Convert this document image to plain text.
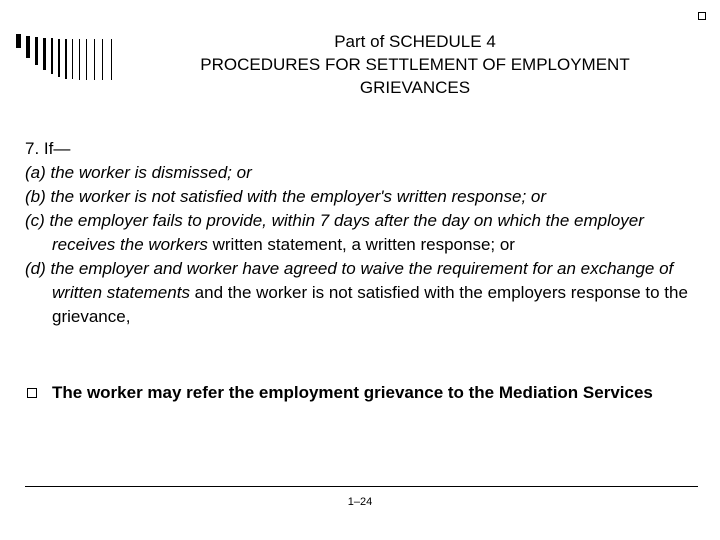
Part of SCHEDULE 4
PROCEDURES FOR SETTLEMENT OF EMPLOYMENT
GRIEVANCES
7. If—
(a) the worker is dismissed; or
(b) the worker is not satisfied with the employer's written response; or
(c) the employer fails to provide, within 7 days after the day on which the employer receives the workers written statement, a written response; or
(d) the employer and worker have agreed to waive the requirement for an exchange of written statements and the worker is not satisfied with the employers response to the grievance,
The worker may refer the employment grievance to the Mediation Services
1–24
